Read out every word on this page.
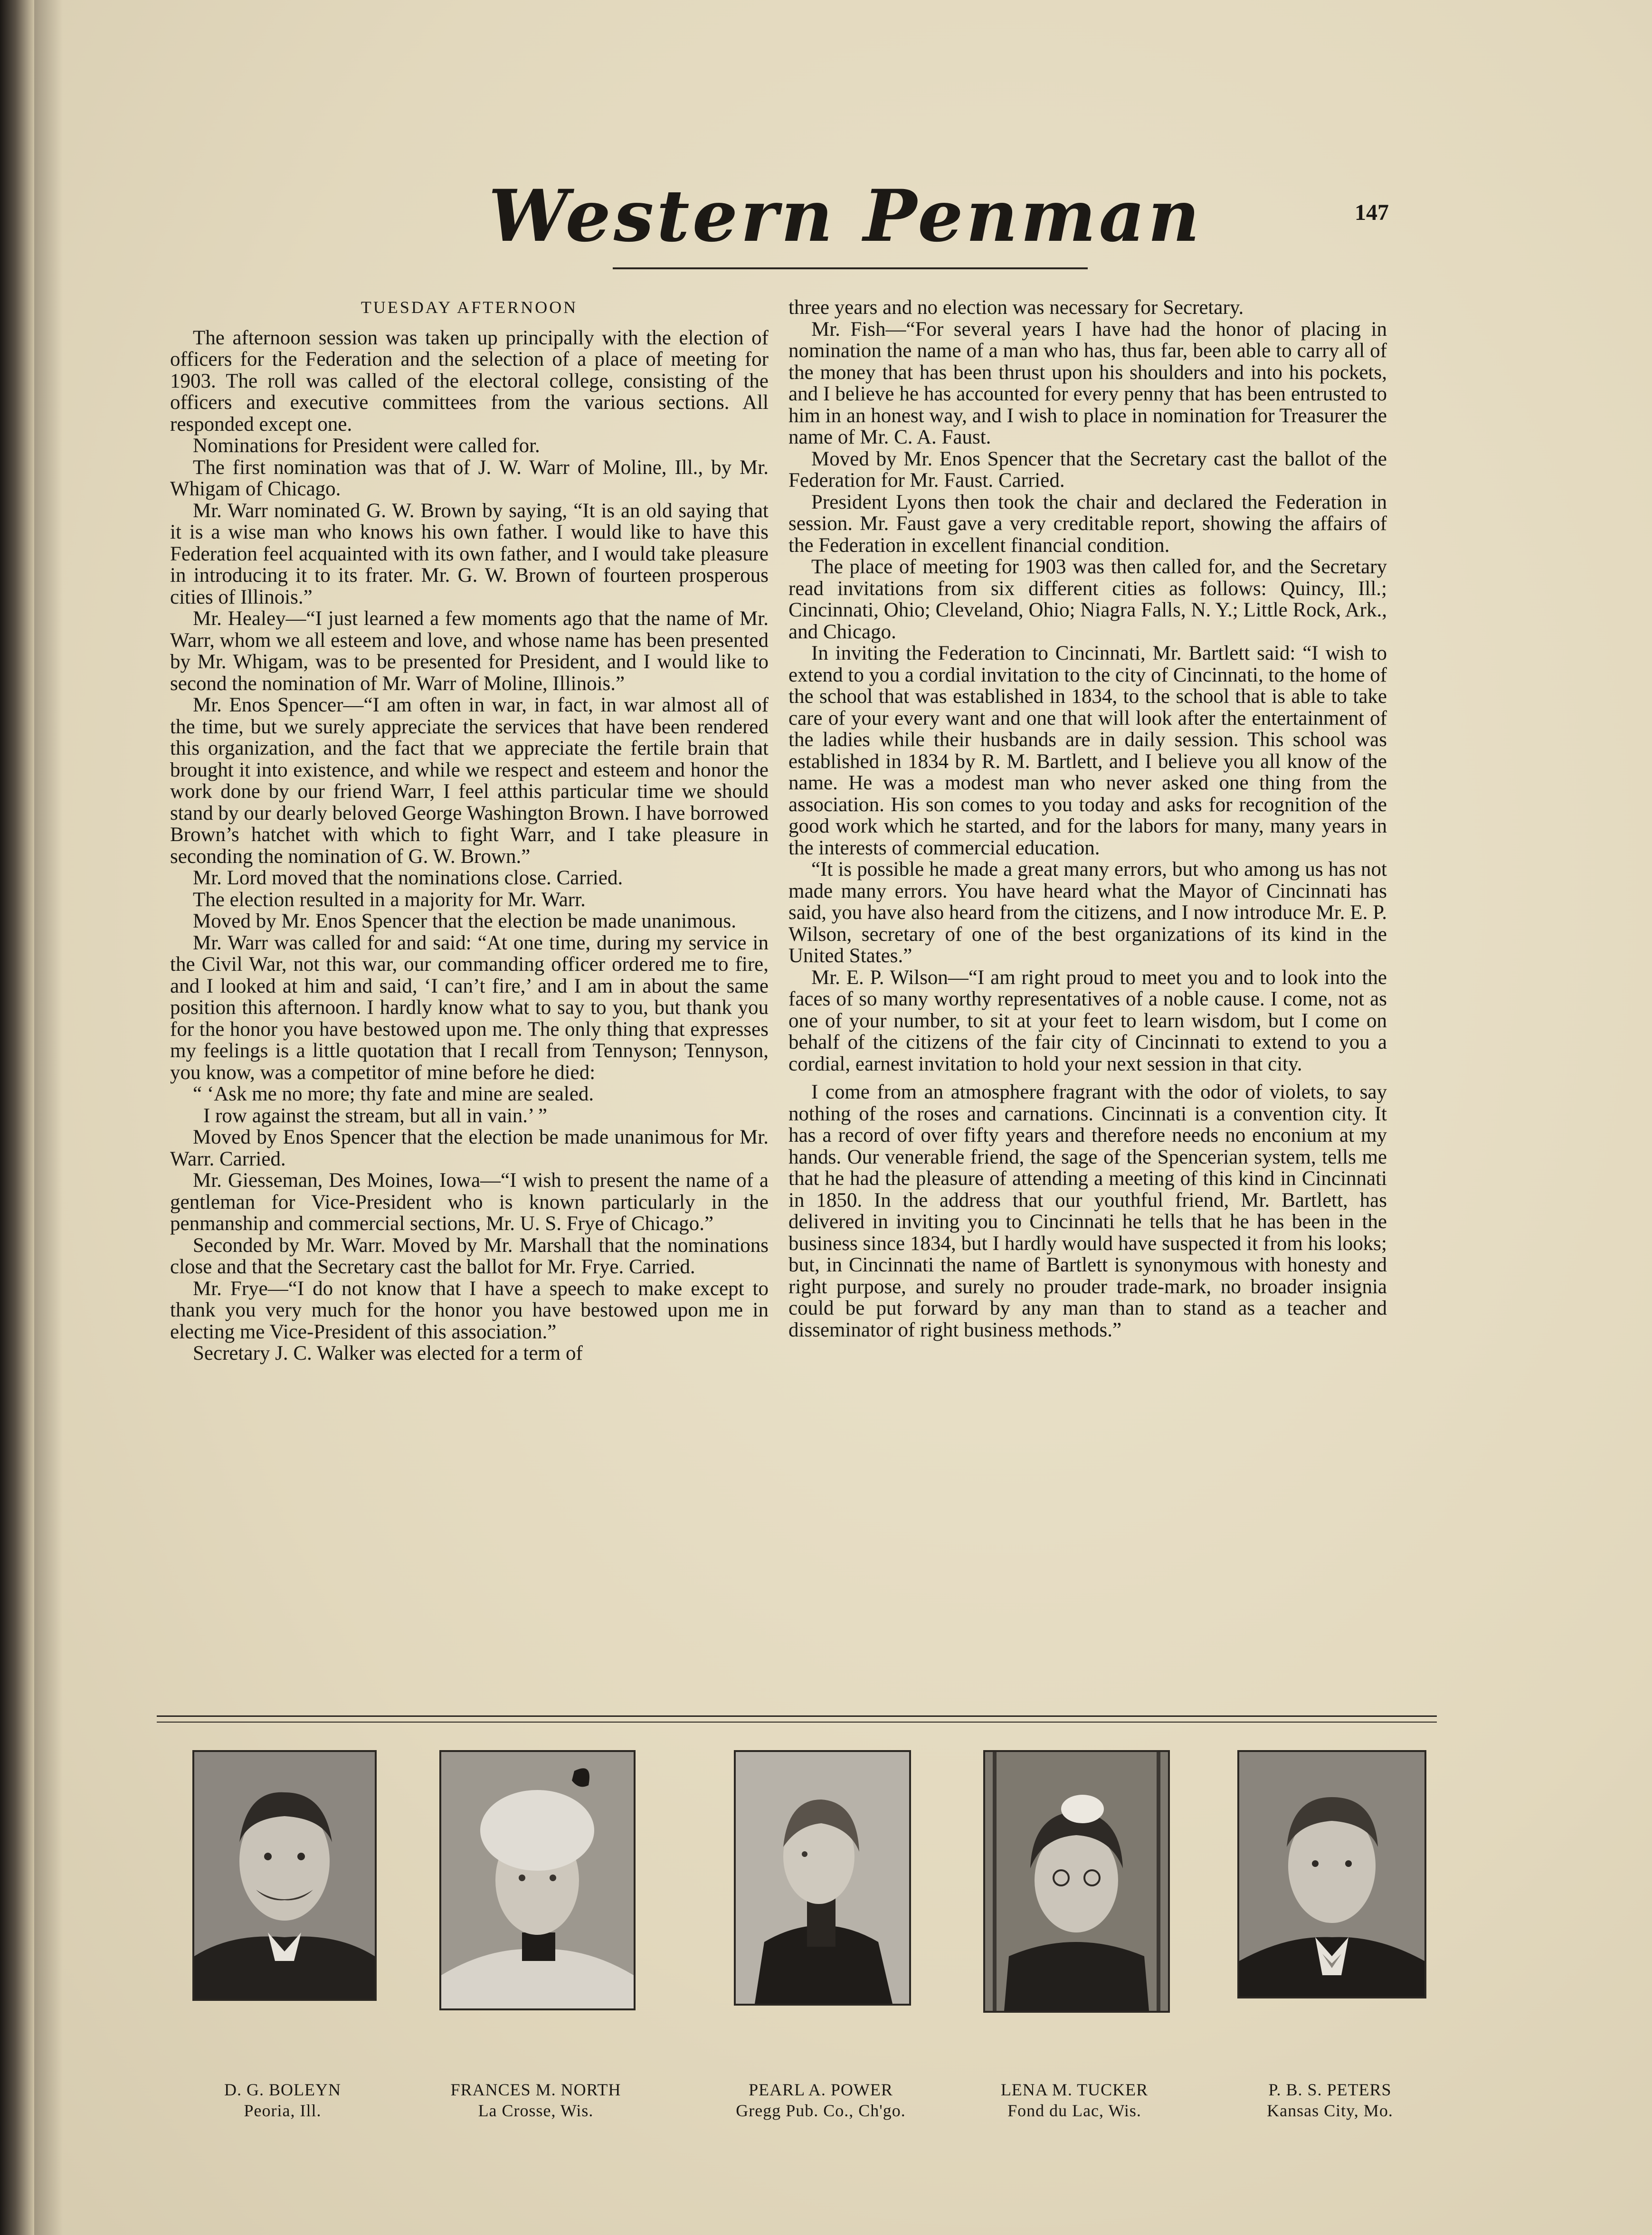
Western Penman	147
TUESDAY AFTERNOON

The afternoon session was taken up principally with the election of officers for the Federation and the selection of a place of meeting for 1903. The roll was called of the electoral college, consisting of the officers and executive committees from the various sections. All responded except one.

Nominations for President were called for.

The first nomination was that of J. W. Warr of Moline, Ill., by Mr. Whigam of Chicago.

Mr. Warr nominated G. W. Brown by saying, “It is an old saying that it is a wise man who knows his own father. I would like to have this Federation feel acquainted with its own father, and I would take pleasure in introducing it to its frater. Mr. G. W. Brown of fourteen prosperous cities of Illinois.”

Mr. Healey—“I just learned a few moments ago that the name of Mr. Warr, whom we all esteem and love, and whose name has been presented by Mr. Whigam, was to be presented for President, and I would like to second the nomination of Mr. Warr of Moline, Illinois.”

Mr. Enos Spencer—“I am often in war, in fact, in war almost all of the time, but we surely appreciate the services that have been rendered this organization, and the fact that we appreciate the fertile brain that brought it into existence, and while we respect and esteem and honor the work done by our friend Warr, I feel atthis particular time we should stand by our dearly beloved George Washington Brown. I have borrowed Brown’s hatchet with which to fight Warr, and I take pleasure in seconding the nomination of G. W. Brown.”

Mr. Lord moved that the nominations close. Carried.

The election resulted in a majority for Mr. Warr.

Moved by Mr. Enos Spencer that the election be made unanimous.

Mr. Warr was called for and said: “At one time, during my service in the Civil War, not this war, our commanding officer ordered me to fire, and I looked at him and said, ‘I can’t fire,’ and I am in about the same position this afternoon. I hardly know what to say to you, but thank you for the honor you have bestowed upon me. The only thing that expresses my feelings is a little quotation that I recall from Tennyson; Tennyson, you know, was a competitor of mine before he died:

“ ‘Ask me no more; thy fate and mine are sealed.

I row against the stream, but all in vain.’ ”

Moved by Enos Spencer that the election be made unanimous for Mr. Warr. Carried.

Mr. Giesseman, Des Moines, Iowa—“I wish to present the name of a gentleman for Vice-President who is known particularly in the penmanship and commercial sections, Mr. U. S. Frye of Chicago.”

Seconded by Mr. Warr. Moved by Mr. Marshall that the nominations close and that the Secretary cast the ballot for Mr. Frye. Carried.

Mr. Frye—“I do not know that I have a speech to make except to thank you very much for the honor you have bestowed upon me in electing me Vice-President of this association.”

Secretary J. C. Walker was elected for a term of

three years and no election was necessary for Secretary.

Mr. Fish—“For several years I have had the honor of placing in nomination the name of a man who has, thus far, been able to carry all of the money that has been thrust upon his shoulders and into his pockets, and I believe he has accounted for every penny that has been entrusted to him in an honest way, and I wish to place in nomination for Treasurer the name of Mr. C. A. Faust.

Moved by Mr. Enos Spencer that the Secretary cast the ballot of the Federation for Mr. Faust. Carried.

President Lyons then took the chair and declared the Federation in session. Mr. Faust gave a very creditable report, showing the affairs of the Federation in excellent financial condition.

The place of meeting for 1903 was then called for, and the Secretary read invitations from six different cities as follows: Quincy, Ill.; Cincinnati, Ohio; Cleveland, Ohio; Niagra Falls, N. Y.; Little Rock, Ark., and Chicago.

In inviting the Federation to Cincinnati, Mr. Bartlett said: “I wish to extend to you a cordial invitation to the city of Cincinnati, to the home of the school that was established in 1834, to the school that is able to take care of your every want and one that will look after the entertainment of the ladies while their husbands are in daily session. This school was established in 1834 by R. M. Bartlett, and I believe you all know of the name. He was a modest man who never asked one thing from the association. His son comes to you today and asks for recognition of the good work which he started, and for the labors for many, many years in the interests of commercial education.

“It is possible he made a great many errors, but who among us has not made many errors. You have heard what the Mayor of Cincinnati has said, you have also heard from the citizens, and I now introduce Mr. E. P. Wilson, secretary of one of the best organizations of its kind in the United States.”

Mr. E. P. Wilson—“I am right proud to meet you and to look into the faces of so many worthy representatives of a noble cause. I come, not as one of your number, to sit at your feet to learn wisdom, but I come on behalf of the citizens of the fair city of Cincinnati to extend to you a cordial, earnest invitation to hold your next session in that city.

I come from an atmosphere fragrant with the odor of violets, to say nothing of the roses and carnations. Cincinnati is a convention city. It has a record of over fifty years and therefore needs no enconium at my hands. Our venerable friend, the sage of the Spencerian system, tells me that he had the pleasure of attending a meeting of this kind in Cincinnati in 1850. In the address that our youthful friend, Mr. Bartlett, has delivered in inviting you to Cincinnati he tells that he has been in the business since 1834, but I hardly would have suspected it from his looks; but, in Cincinnati the name of Bartlett is synonymous with honesty and right purpose, and surely no prouder trade-mark, no broader insignia could be put forward by any man than to stand as a teacher and disseminator of right business methods.”

D. G. BOLEYN
Peoria, Ill.
FRANCES M. NORTH
La Crosse, Wis.
PEARL A. POWER
Gregg Pub. Co., Ch'go.
LENA M. TUCKER
Fond du Lac, Wis.
P. B. S. PETERS
Kansas City, Mo.
